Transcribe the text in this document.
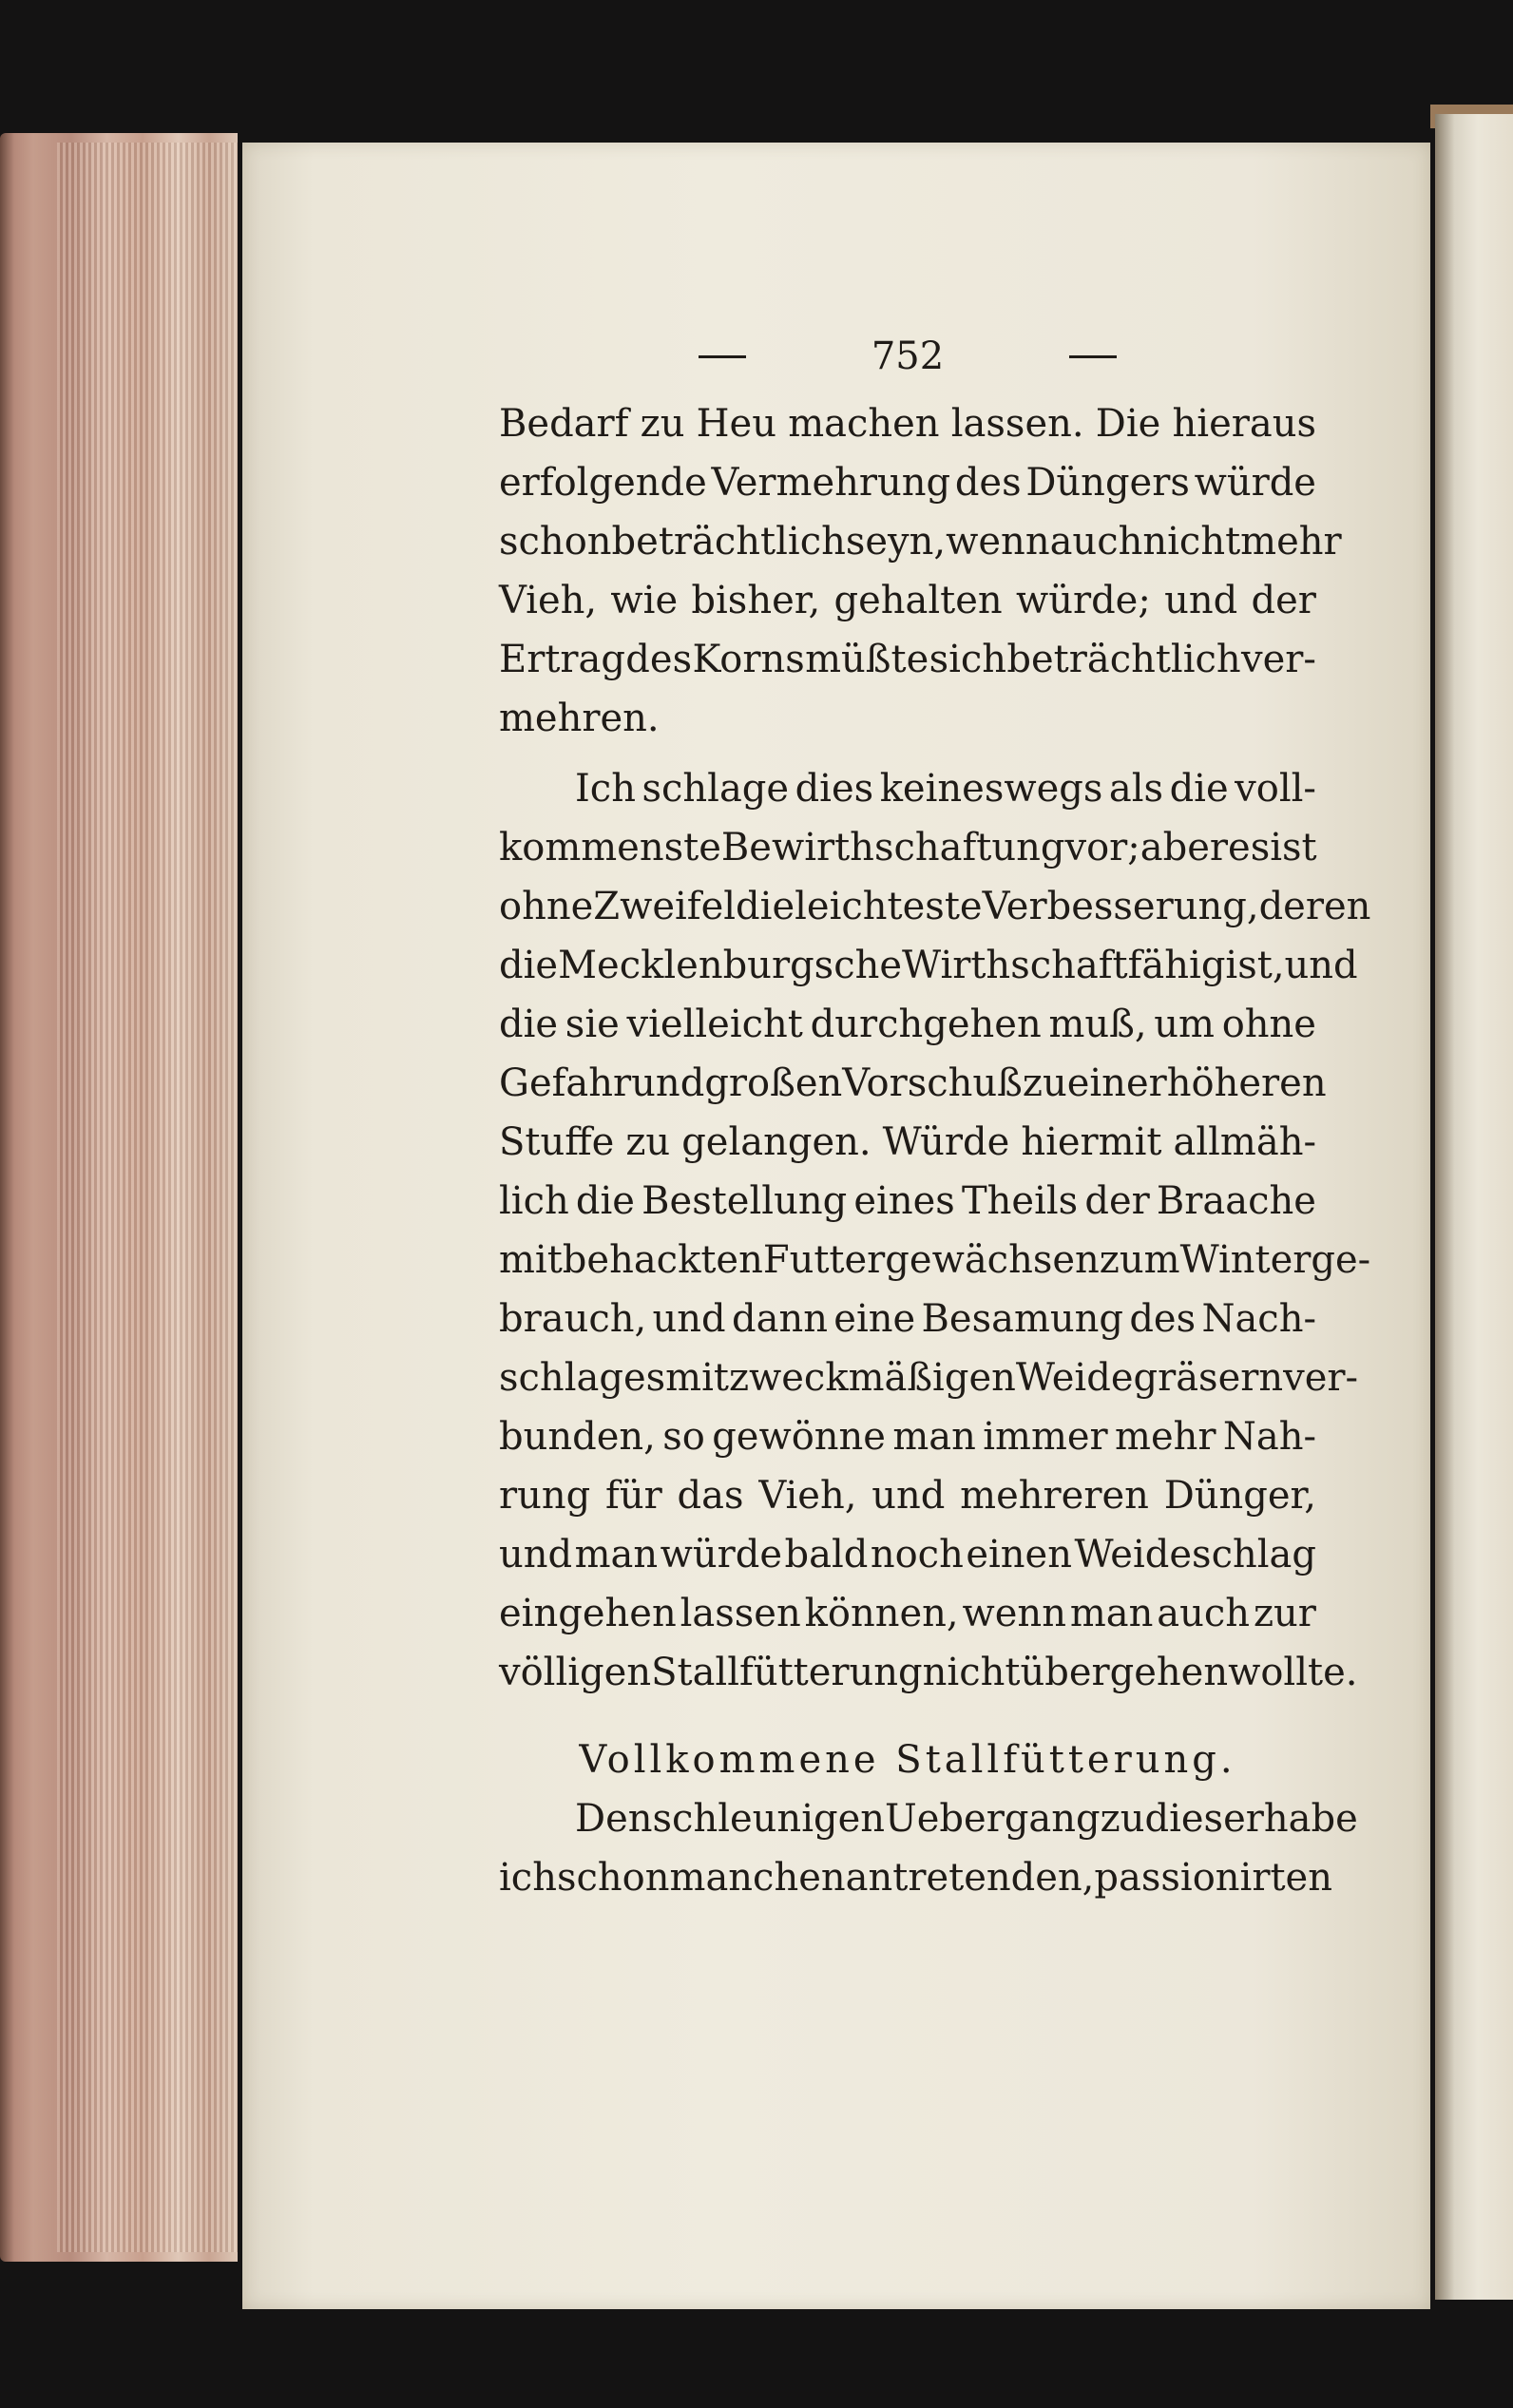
752
Bedarf zu Heu machen lassen. Die hieraus
erfolgende Vermehrung des Düngers würde
schon beträchtlich seyn, wenn auch nicht mehr
Vieh, wie bisher, gehalten würde; und der
Ertrag des Korns müßte sich beträchtlich ver-
mehren.
Ich schlage dies keineswegs als die voll-
kommenste Bewirthschaftung vor; aber es ist
ohne Zweifel die leichteste Verbesserung, deren
die Mecklenburgsche Wirthschaft fähig ist, und
die sie vielleicht durchgehen muß, um ohne
Gefahr und großen Vorschuß zu einer höheren
Stuffe zu gelangen. Würde hiermit allmäh-
lich die Bestellung eines Theils der Braache
mit behackten Futtergewächsen zum Winterge-
brauch, und dann eine Besamung des Nach-
schlages mit zweckmäßigen Weidegräsern ver-
bunden, so gewönne man immer mehr Nah-
rung für das Vieh, und mehreren Dünger,
und man würde bald noch einen Weideschlag
eingehen lassen können, wenn man auch zur
völligen Stallfütterung nicht übergehen wollte.
Vollkommene Stallfütterung.
Den schleunigen Uebergang zu dieser habe
ich schon manchen antretenden, passionirten
